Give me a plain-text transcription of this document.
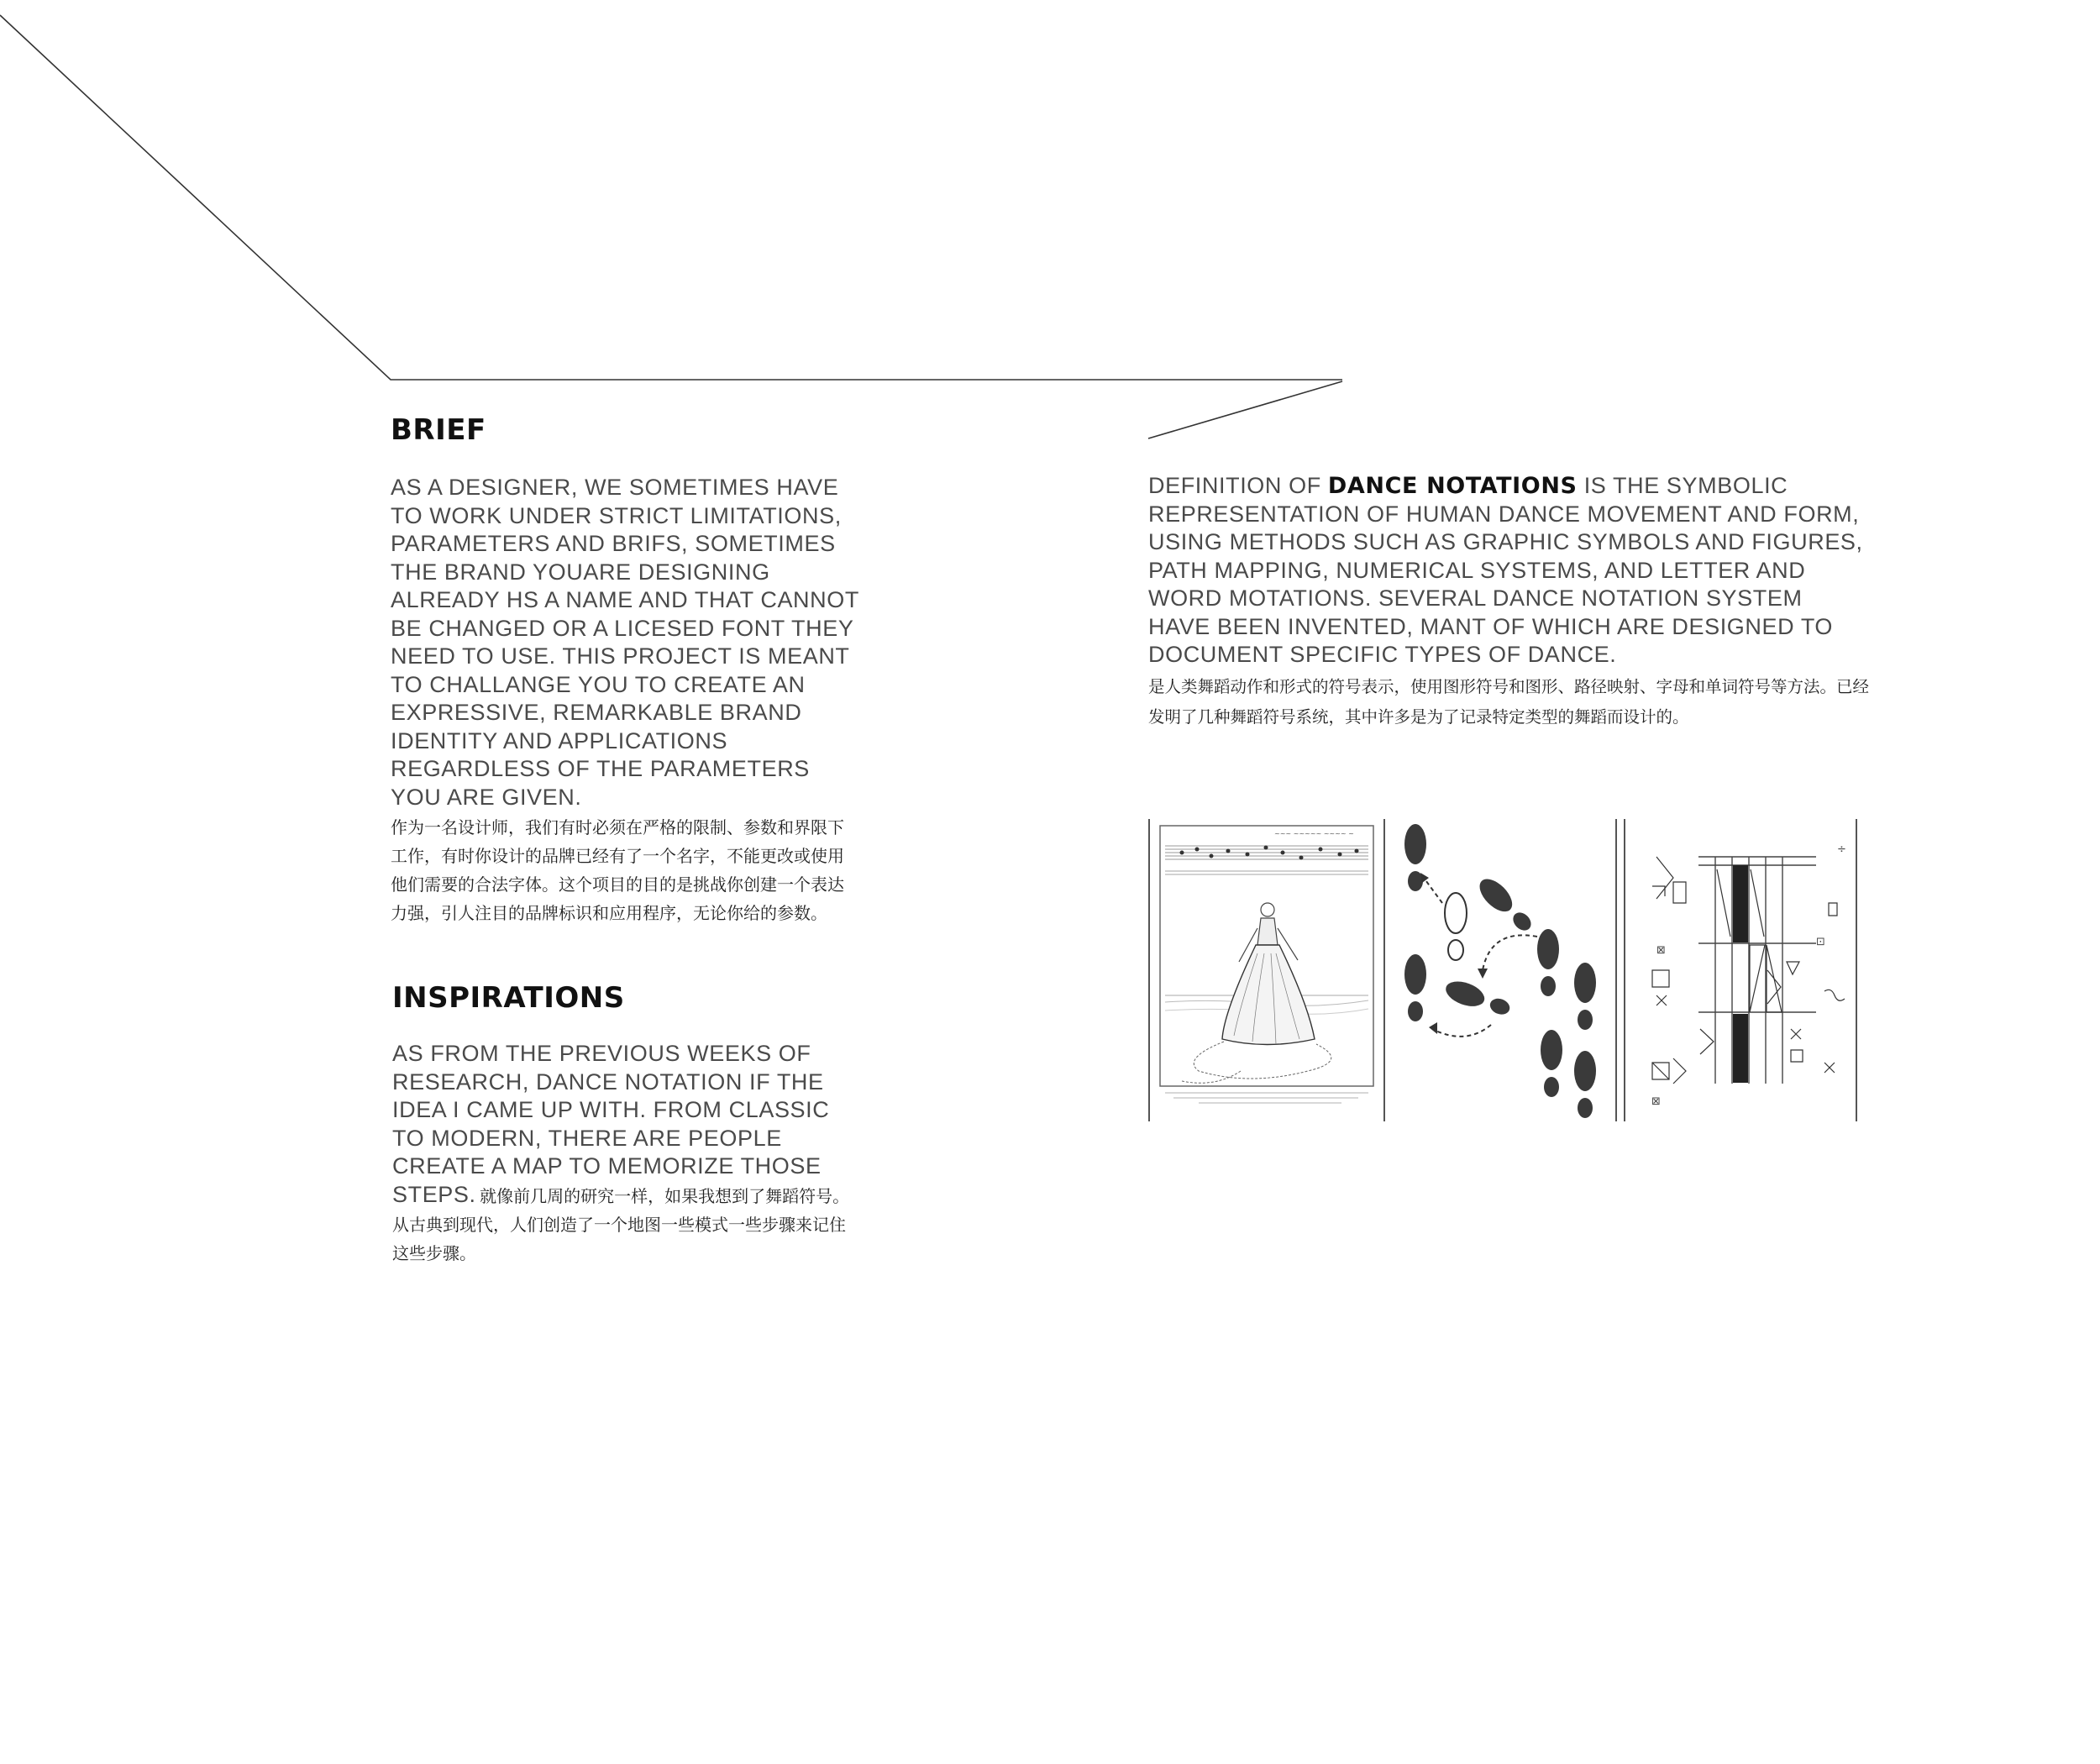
BRIEF
AS A DESIGNER, WE SOMETIMES HAVE TO WORK UNDER STRICT LIMITATIONS, PARAMETERS AND BRIFS, SOMETIMES THE BRAND YOUARE DESIGNING ALREADY HS A NAME AND THAT CANNOT BE CHANGED OR A LICESED FONT THEY NEED TO USE. THIS PROJECT IS MEANT TO CHALLANGE YOU TO CREATE AN EXPRESSIVE, REMARKABLE BRAND IDENTITY AND APPLICATIONS REGARDLESS OF THE PARAMETERS YOU ARE GIVEN.
作为一名设计师，我们有时必须在严格的限制、参数和界限下工作，有时你设计的品牌已经有了一个名字，不能更改或使用他们需要的合法字体。这个项目的目的是挑战你创建一个表达力强，引人注目的品牌标识和应用程序，无论你给的参数。
INSPIRATIONS
AS FROM THE PREVIOUS WEEKS OF RESEARCH, DANCE NOTATION IF THE IDEA I CAME UP WITH. FROM CLASSIC TO MODERN, THERE ARE PEOPLE CREATE A MAP TO MEMORIZE THOSE STEPS. 就像前几周的研究一样，如果我想到了舞蹈符号。从古典到现代，人们创造了一个地图一些模式一些步骤来记住这些步骤。
DEFINITION OF DANCE NOTATIONS IS THE SYMBOLIC REPRESENTATION OF HUMAN DANCE MOVEMENT AND FORM, USING METHODS SUCH AS GRAPHIC SYMBOLS AND FIGURES, PATH MAPPING, NUMERICAL SYSTEMS, AND LETTER AND WORD MOTATIONS. SEVERAL DANCE NOTATION SYSTEM HAVE BEEN INVENTED, MANT OF WHICH ARE DESIGNED TO DOCUMENT SPECIFIC TYPES OF DANCE.
是人类舞蹈动作和形式的符号表示，使用图形符号和图形、路径映射、字母和单词符号等方法。已经发明了几种舞蹈符号系统，其中许多是为了记录特定类型的舞蹈而设计的。
~~~ ~~~~~ ~~~~ ~
÷
⊡
⊠
⊠
